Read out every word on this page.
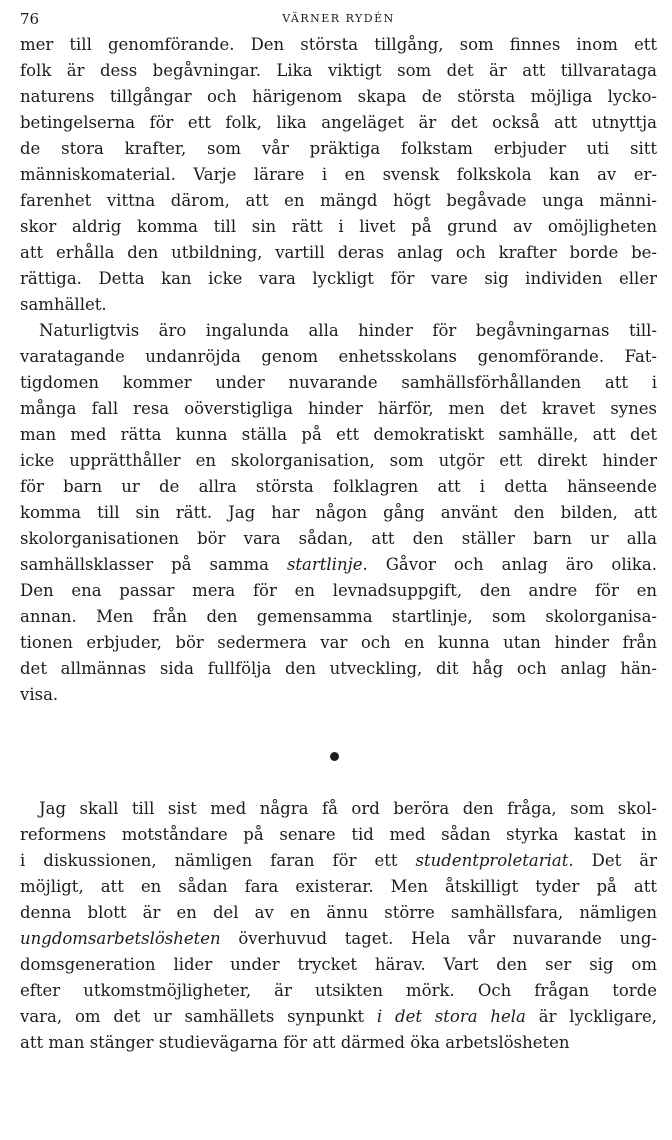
76	VÄRNER RYDÉN
mer till genomförande. Den största tillgång, som finnes inom ett
folk är dess begåvningar. Lika viktigt som det är att tillvarataga
naturens tillgångar och härigenom skapa de största möjliga lycko-
betingelserna för ett folk, lika angeläget är det också att utnyttja
de stora krafter, som vår präktiga folkstam erbjuder uti sitt
människomaterial. Varje lärare i en svensk folkskola kan av er-
farenhet vittna därom, att en mängd högt begåvade unga männi-
skor aldrig komma till sin rätt i livet på grund av omöjligheten
att erhålla den utbildning, vartill deras anlag och krafter borde be-
rättiga. Detta kan icke vara lyckligt för vare sig individen eller
samhället.
Naturligtvis äro ingalunda alla hinder för begåvningarnas till-
varatagande undanröjda genom enhetsskolans genomförande. Fat-
tigdomen kommer under nuvarande samhällsförhållanden att i
många fall resa oöverstigliga hinder härför, men det kravet synes
man med rätta kunna ställa på ett demokratiskt samhälle, att det
icke upprätthåller en skolorganisation, som utgör ett direkt hinder
för barn ur de allra största folklagren att i detta hänseende
komma till sin rätt. Jag har någon gång använt den bilden, att
skolorganisationen bör vara sådan, att den ställer barn ur alla
samhällsklasser på samma startlinje. Gåvor och anlag äro olika.
Den ena passar mera för en levnadsuppgift, den andre för en
annan. Men från den gemensamma startlinje, som skolorganisa-
tionen erbjuder, bör sedermera var och en kunna utan hinder från
det allmännas sida fullfölja den utveckling, dit håg och anlag hän-
visa.
Jag skall till sist med några få ord beröra den fråga, som skol-
reformens motståndare på senare tid med sådan styrka kastat in
i diskussionen, nämligen faran för ett studentproletariat. Det är
möjligt, att en sådan fara existerar. Men åtskilligt tyder på att
denna blott är en del av en ännu större samhällsfara, nämligen
ungdomsarbetslösheten överhuvud taget. Hela vår nuvarande ung-
domsgeneration lider under trycket härav. Vart den ser sig om
efter utkomstmöjligheter, är utsikten mörk. Och frågan torde
vara, om det ur samhällets synpunkt i det stora hela är lyckligare,
att man stänger studievägarna för att därmed öka arbetslösheten
